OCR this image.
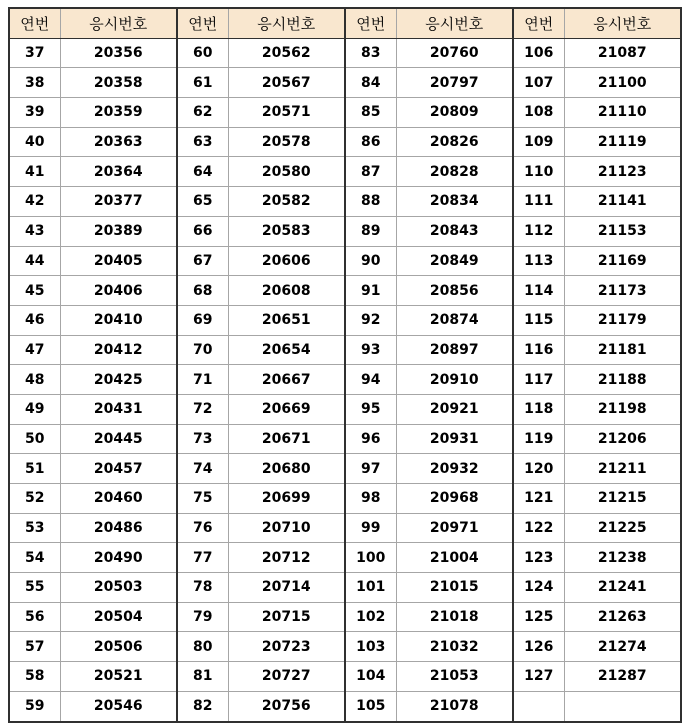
연번	응시번호	연번	응시번호	연번	응시번호	연번	응시번호
37	20356	60	20562	83	20760	106	21087
38	20358	61	20567	84	20797	107	21100
39	20359	62	20571	85	20809	108	21110
40	20363	63	20578	86	20826	109	21119
41	20364	64	20580	87	20828	110	21123
42	20377	65	20582	88	20834	111	21141
43	20389	66	20583	89	20843	112	21153
44	20405	67	20606	90	20849	113	21169
45	20406	68	20608	91	20856	114	21173
46	20410	69	20651	92	20874	115	21179
47	20412	70	20654	93	20897	116	21181
48	20425	71	20667	94	20910	117	21188
49	20431	72	20669	95	20921	118	21198
50	20445	73	20671	96	20931	119	21206
51	20457	74	20680	97	20932	120	21211
52	20460	75	20699	98	20968	121	21215
53	20486	76	20710	99	20971	122	21225
54	20490	77	20712	100	21004	123	21238
55	20503	78	20714	101	21015	124	21241
56	20504	79	20715	102	21018	125	21263
57	20506	80	20723	103	21032	126	21274
58	20521	81	20727	104	21053	127	21287
59	20546	82	20756	105	21078		
